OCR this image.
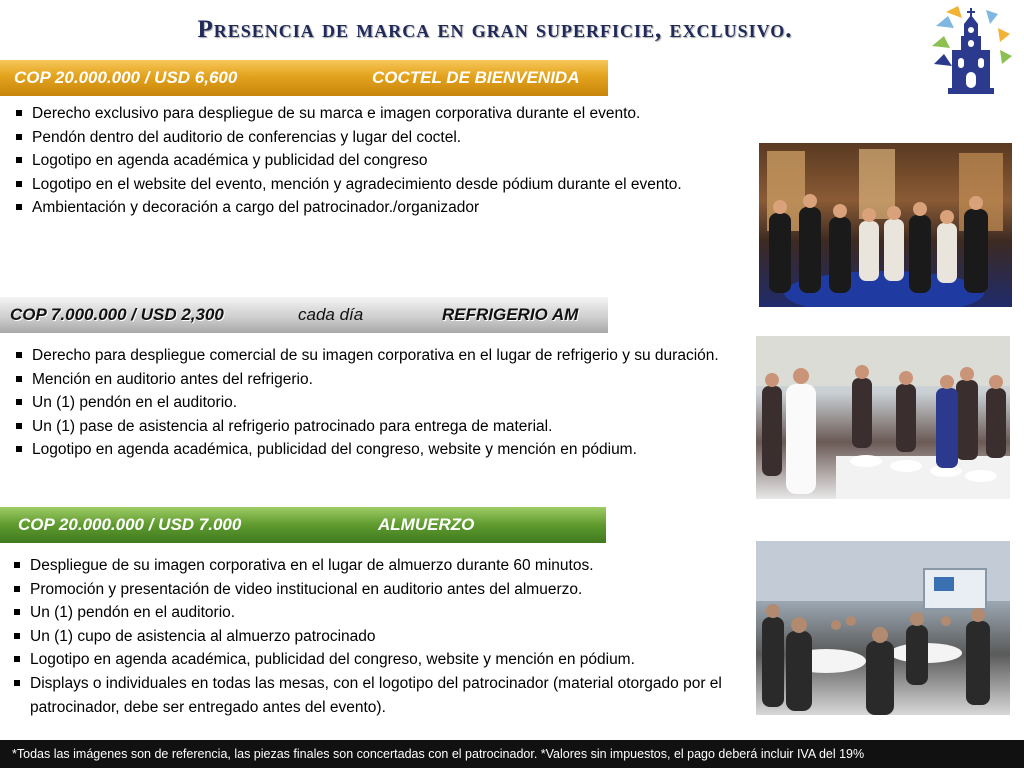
Presencia de marca en gran superficie, exclusivo.
COP 20.000.000 / USD 6,600	COCTEL DE BIENVENIDA
Derecho exclusivo para despliegue de su marca e imagen corporativa durante el evento.
Pendón dentro del auditorio de conferencias y lugar del coctel.
Logotipo en agenda académica y publicidad del congreso
Logotipo en el website del evento, mención y agradecimiento desde pódium durante el evento.
Ambientación y decoración a cargo del patrocinador./organizador
COP 7.000.000 / USD 2,300	cada día	REFRIGERIO AM
Derecho para despliegue comercial de su imagen corporativa en el lugar de refrigerio y su duración.
Mención en auditorio antes del refrigerio.
Un (1) pendón en el auditorio.
Un (1) pase de asistencia al refrigerio patrocinado para entrega de material.
Logotipo en agenda académica, publicidad del congreso, website y mención en pódium.
COP 20.000.000 / USD 7.000	ALMUERZO
Despliegue de su imagen corporativa en el lugar de almuerzo durante 60 minutos.
Promoción y presentación de video institucional en auditorio antes del almuerzo.
Un (1) pendón en el auditorio.
Un (1) cupo de asistencia al almuerzo patrocinado
Logotipo en agenda académica, publicidad del congreso, website y mención en pódium.
Displays o individuales en todas las mesas, con el logotipo del patrocinador (material otorgado por el patrocinador, debe ser entregado antes del evento).
*Todas las imágenes son de referencia, las piezas finales son concertadas con el patrocinador. *Valores sin impuestos, el pago deberá incluir IVA del 19%
